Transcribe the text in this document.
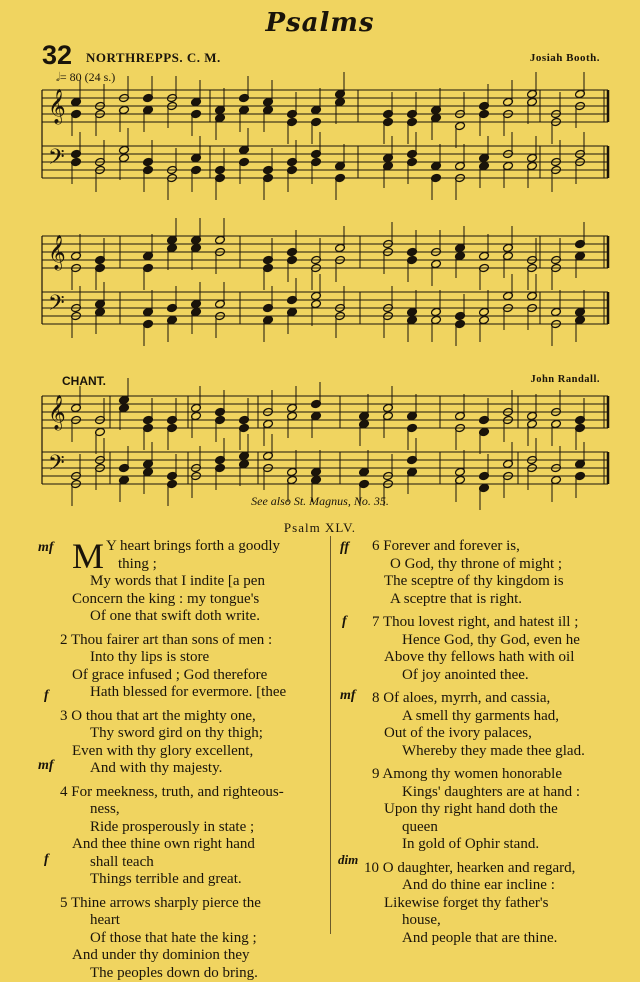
Psalms
32 NORTHREPPS. C. M.	Josiah Booth.
𝅗𝅥= 80 (24 s.)
𝄞
𝄢
𝄞
𝄢
𝄞
𝄢
CHANT.	John Randall.
See also St. Magnus, No. 35.
Psalm XLV.
M Y heart brings forth a goodly

thing ;

My words that I indite [a pen

Concern the king : my tongue's

Of one that swift doth write.

2 Thou fairer art than sons of men :

Into thy lips is store

Of grace infused ; God therefore

Hath blessed for evermore. [thee

3 O thou that art the mighty one,

Thy sword gird on thy thigh;

Even with thy glory excellent,

And with thy majesty.

4 For meekness, truth, and righteous-

ness,

Ride prosperously in state ;

And thee thine own right hand

shall teach

Things terrible and great.

5 Thine arrows sharply pierce the

heart

Of those that hate the king ;

And under thy dominion they

The peoples down do bring.

mf
f
mf
f

6 Forever and forever is,

O God, thy throne of might ;

The sceptre of thy kingdom is

A sceptre that is right.

7 Thou lovest right, and hatest ill ;

Hence God, thy God, even he

Above thy fellows hath with oil

Of joy anointed thee.

8 Of aloes, myrrh, and cassia,

A smell thy garments had,

Out of the ivory palaces,

Whereby they made thee glad.

9 Among thy women honorable

Kings' daughters are at hand :

Upon thy right hand doth the

queen

In gold of Ophir stand.

10 O daughter, hearken and regard,

And do thine ear incline :

Likewise forget thy father's

house,

And people that are thine.

ff
f
mf
dim
